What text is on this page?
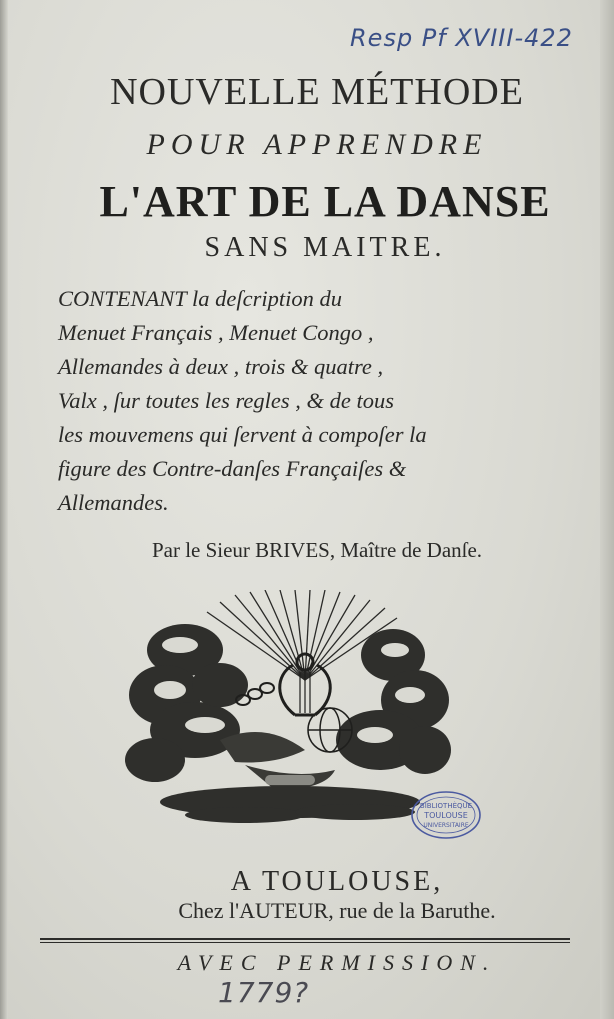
Resp Pf XVIII-422
NOUVELLE MÉTHODE
POUR APPRENDRE
L'ART DE LA DANSE
SANS MAITRE.
CONTENANT la deſcription du
Menuet Français , Menuet Congo ,
Allemandes à deux , trois & quatre ,
Valx , ſur toutes les regles , & de tous
les mouvemens qui ſervent à compoſer la
figure des Contre-danſes Françaiſes &
Allemandes.
Par le Sieur BRIVES, Maître de Danſe.
BIBLIOTHÈQUE
TOULOUSE
UNIVERSITAIRE
A TOULOUSE,
Chez l'AUTEUR, rue de la Baruthe.
AVEC PERMISSION.
1779?
